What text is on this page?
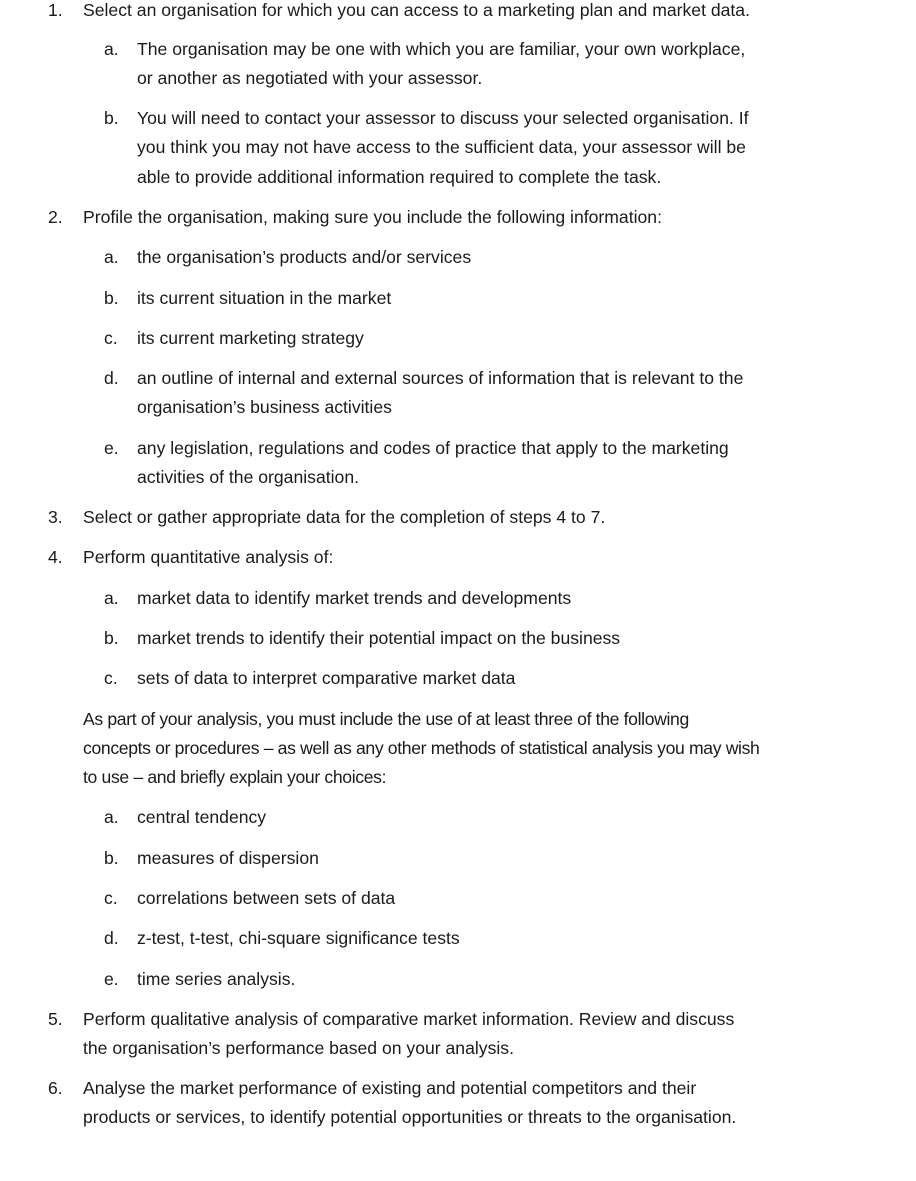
1.	Select an organisation for which you can access to a marketing plan and market data.
a.	The organisation may be one with which you are familiar, your own workplace,
or another as negotiated with your assessor.
b.	You will need to contact your assessor to discuss your selected organisation. If
you think you may not have access to the sufficient data, your assessor will be
able to provide additional information required to complete the task.
2.	Profile the organisation, making sure you include the following information:
a.	the organisation’s products and/or services
b.	its current situation in the market
c.	its current marketing strategy
d.	an outline of internal and external sources of information that is relevant to the
organisation’s business activities
e.	any legislation, regulations and codes of practice that apply to the marketing
activities of the organisation.
3.	Select or gather appropriate data for the completion of steps 4 to 7.
4.	Perform quantitative analysis of:
a.	market data to identify market trends and developments
b.	market trends to identify their potential impact on the business
c.	sets of data to interpret comparative market data
As part of your analysis, you must include the use of at least three of the following
concepts or procedures – as well as any other methods of statistical analysis you may wish
to use – and briefly explain your choices:
a.	central tendency
b.	measures of dispersion
c.	correlations between sets of data
d.	z-test, t-test, chi-square significance tests
e.	time series analysis.
5.	Perform qualitative analysis of comparative market information. Review and discuss
the organisation’s performance based on your analysis.
6.	Analyse the market performance of existing and potential competitors and their
products or services, to identify potential opportunities or threats to the organisation.
